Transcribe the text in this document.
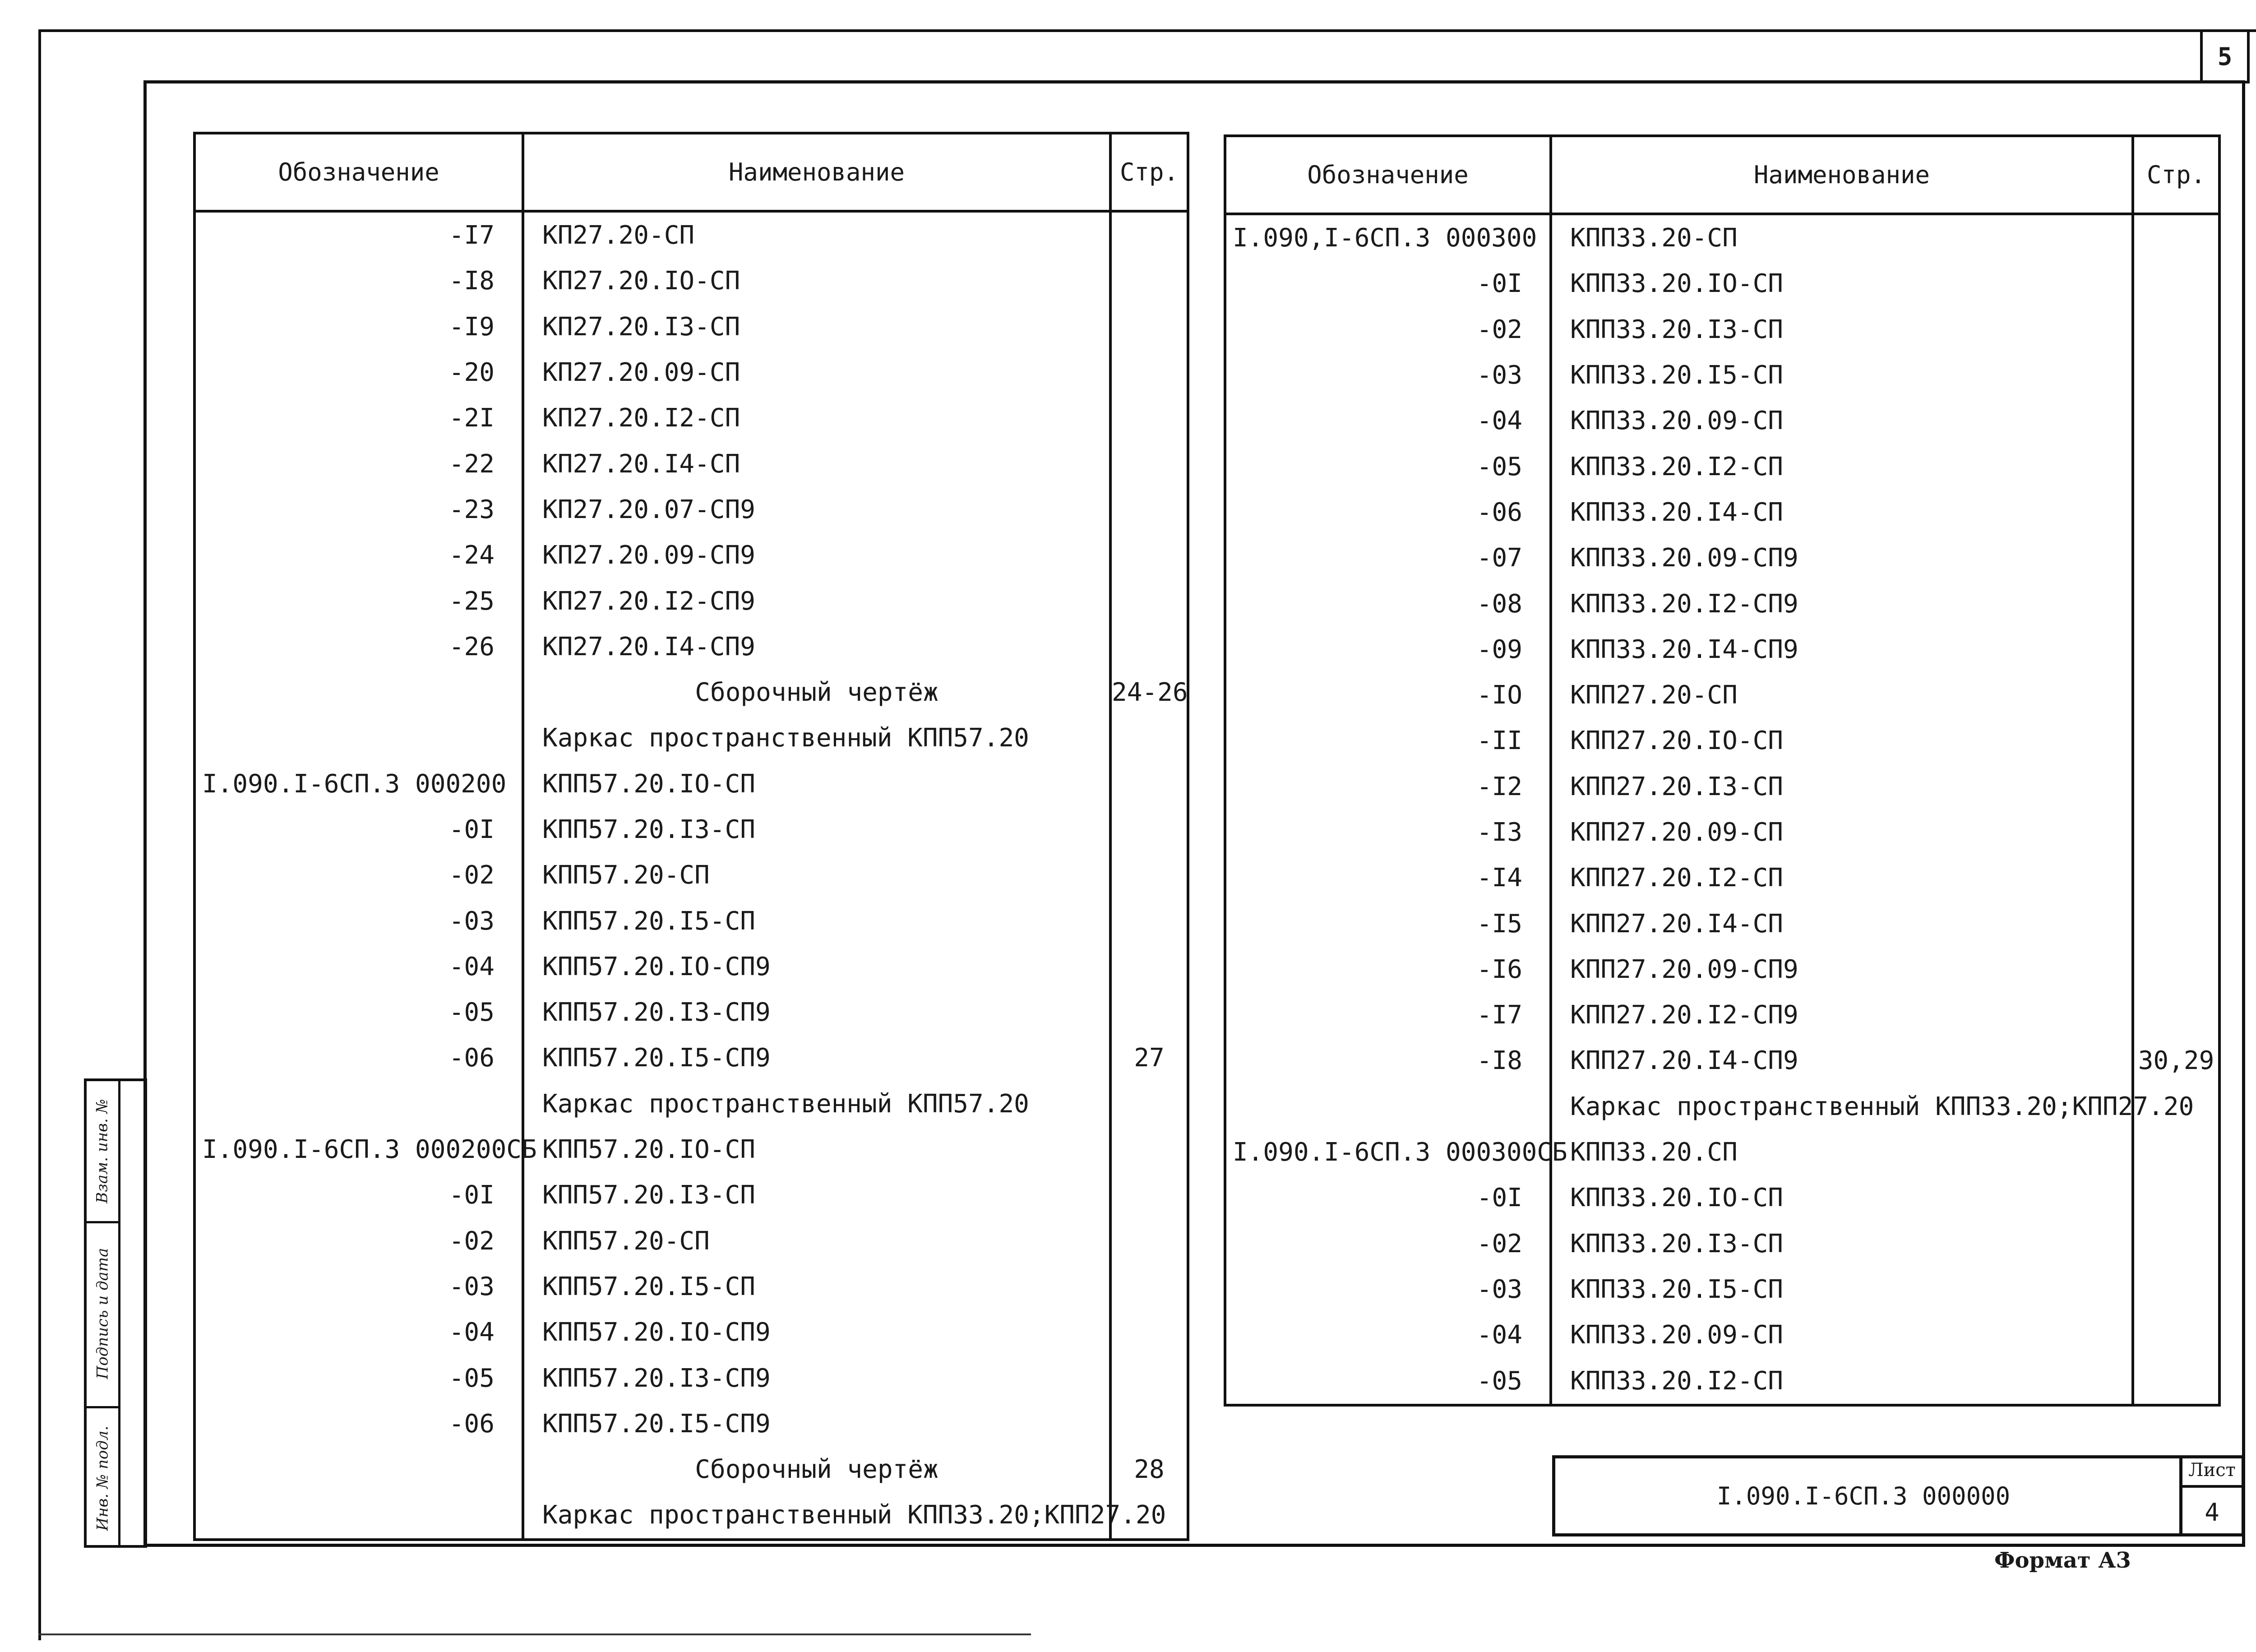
5
Обозначение	Наименование	Стр.
-I7	КП27.20-СП	
-I8	КП27.20.IO-СП	
-I9	КП27.20.I3-СП	
-20	КП27.20.09-СП	
-2I	КП27.20.I2-СП	
-22	КП27.20.I4-СП	
-23	КП27.20.07-СП9	
-24	КП27.20.09-СП9	
-25	КП27.20.I2-СП9	
-26	КП27.20.I4-СП9	
	Сборочный чертёж	24-26
	Каркас пространственный КПП57.20	
I.090.I-6СП.3 000200	КПП57.20.IO-СП	
-0I	КПП57.20.I3-СП	
-02	КПП57.20-СП	
-03	КПП57.20.I5-СП	
-04	КПП57.20.IO-СП9	
-05	КПП57.20.I3-СП9	
-06	КПП57.20.I5-СП9	27
	Каркас пространственный КПП57.20	
I.090.I-6СП.3 000200СБ	КПП57.20.IO-СП	
-0I	КПП57.20.I3-СП	
-02	КПП57.20-СП	
-03	КПП57.20.I5-СП	
-04	КПП57.20.IO-СП9	
-05	КПП57.20.I3-СП9	
-06	КПП57.20.I5-СП9	
	Сборочный чертёж	28
	Каркас пространственный КПП33.20;КПП27.20	
Обозначение	Наименование	Стр.
I.090,I-6СП.3 000300	КПП33.20-СП	
-0I	КПП33.20.IO-СП	
-02	КПП33.20.I3-СП	
-03	КПП33.20.I5-СП	
-04	КПП33.20.09-СП	
-05	КПП33.20.I2-СП	
-06	КПП33.20.I4-СП	
-07	КПП33.20.09-СП9	
-08	КПП33.20.I2-СП9	
-09	КПП33.20.I4-СП9	
-IO	КПП27.20-СП	
-II	КПП27.20.IO-СП	
-I2	КПП27.20.I3-СП	
-I3	КПП27.20.09-СП	
-I4	КПП27.20.I2-СП	
-I5	КПП27.20.I4-СП	
-I6	КПП27.20.09-СП9	
-I7	КПП27.20.I2-СП9	
-I8	КПП27.20.I4-СП9	30,29
	Каркас пространственный КПП33.20;КПП27.20	
I.090.I-6СП.3 000300СБ	КПП33.20.СП	
-0I	КПП33.20.IO-СП	
-02	КПП33.20.I3-СП	
-03	КПП33.20.I5-СП	
-04	КПП33.20.09-СП	
-05	КПП33.20.I2-СП	
I.090.I-6СП.3 000000
Лист
4
Формат А3
Взам. инв. №
Подпись и дата
Инв. № подл.
